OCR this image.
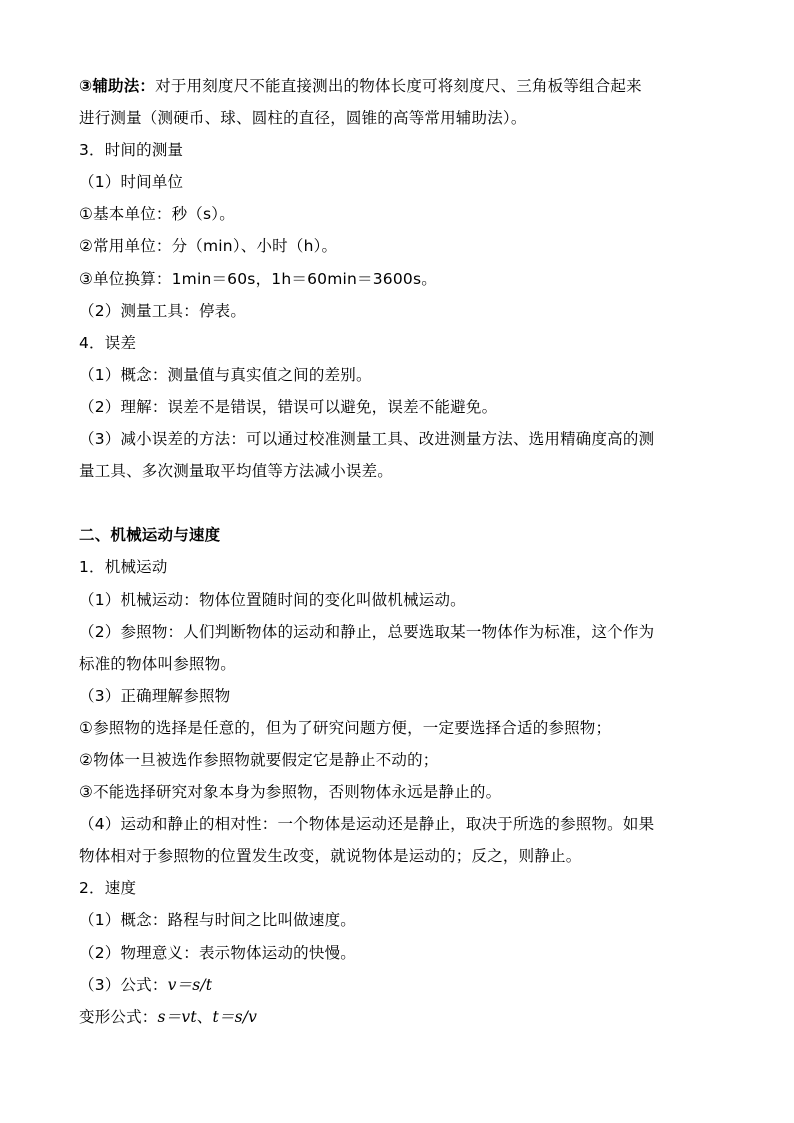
③辅助法：对于用刻度尺不能直接测出的物体长度可将刻度尺、三角板等组合起来
进行测量（测硬币、球、圆柱的直径，圆锥的高等常用辅助法）。
3．时间的测量
（1）时间单位
①基本单位：秒（s）。
②常用单位：分（min）、小时（h）。
③单位换算：1min＝60s，1h＝60min＝3600s。
（2）测量工具：停表。
4．误差
（1）概念：测量值与真实值之间的差别。
（2）理解：误差不是错误，错误可以避免，误差不能避免。
（3）减小误差的方法：可以通过校准测量工具、改进测量方法、选用精确度高的测
量工具、多次测量取平均值等方法减小误差。
二、机械运动与速度
1．机械运动
（1）机械运动：物体位置随时间的变化叫做机械运动。
（2）参照物：人们判断物体的运动和静止，总要选取某一物体作为标准，这个作为
标准的物体叫参照物。
（3）正确理解参照物
①参照物的选择是任意的，但为了研究问题方便，一定要选择合适的参照物；
②物体一旦被选作参照物就要假定它是静止不动的；
③不能选择研究对象本身为参照物，否则物体永远是静止的。
（4）运动和静止的相对性：一个物体是运动还是静止，取决于所选的参照物。如果
物体相对于参照物的位置发生改变，就说物体是运动的；反之，则静止。
2．速度
（1）概念：路程与时间之比叫做速度。
（2）物理意义：表示物体运动的快慢。
（3）公式：v＝s/t
变形公式：s＝vt、t＝s/v
